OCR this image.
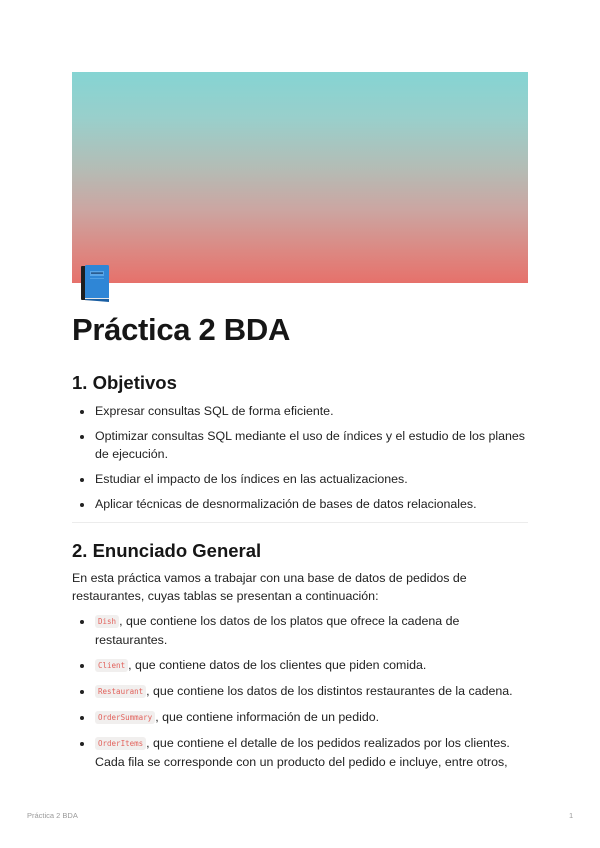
Práctica 2 BDA
1. Objetivos
Expresar consultas SQL de forma eficiente.
Optimizar consultas SQL mediante el uso de índices y el estudio de los planes de ejecución.
Estudiar el impacto de los índices en las actualizaciones.
Aplicar técnicas de desnormalización de bases de datos relacionales.
2. Enunciado General

En esta práctica vamos a trabajar con una base de datos de pedidos de restaurantes, cuyas tablas se presentan a continuación:

Dish , que contiene los datos de los platos que ofrece la cadena de restaurantes.
Client , que contiene datos de los clientes que piden comida.
Restaurant , que contiene los datos de los distintos restaurantes de la cadena.
OrderSummary , que contiene información de un pedido.
OrderItems , que contiene el detalle de los pedidos realizados por los clientes. Cada fila se corresponde con un producto del pedido e incluye, entre otros,
Práctica 2 BDA	1
